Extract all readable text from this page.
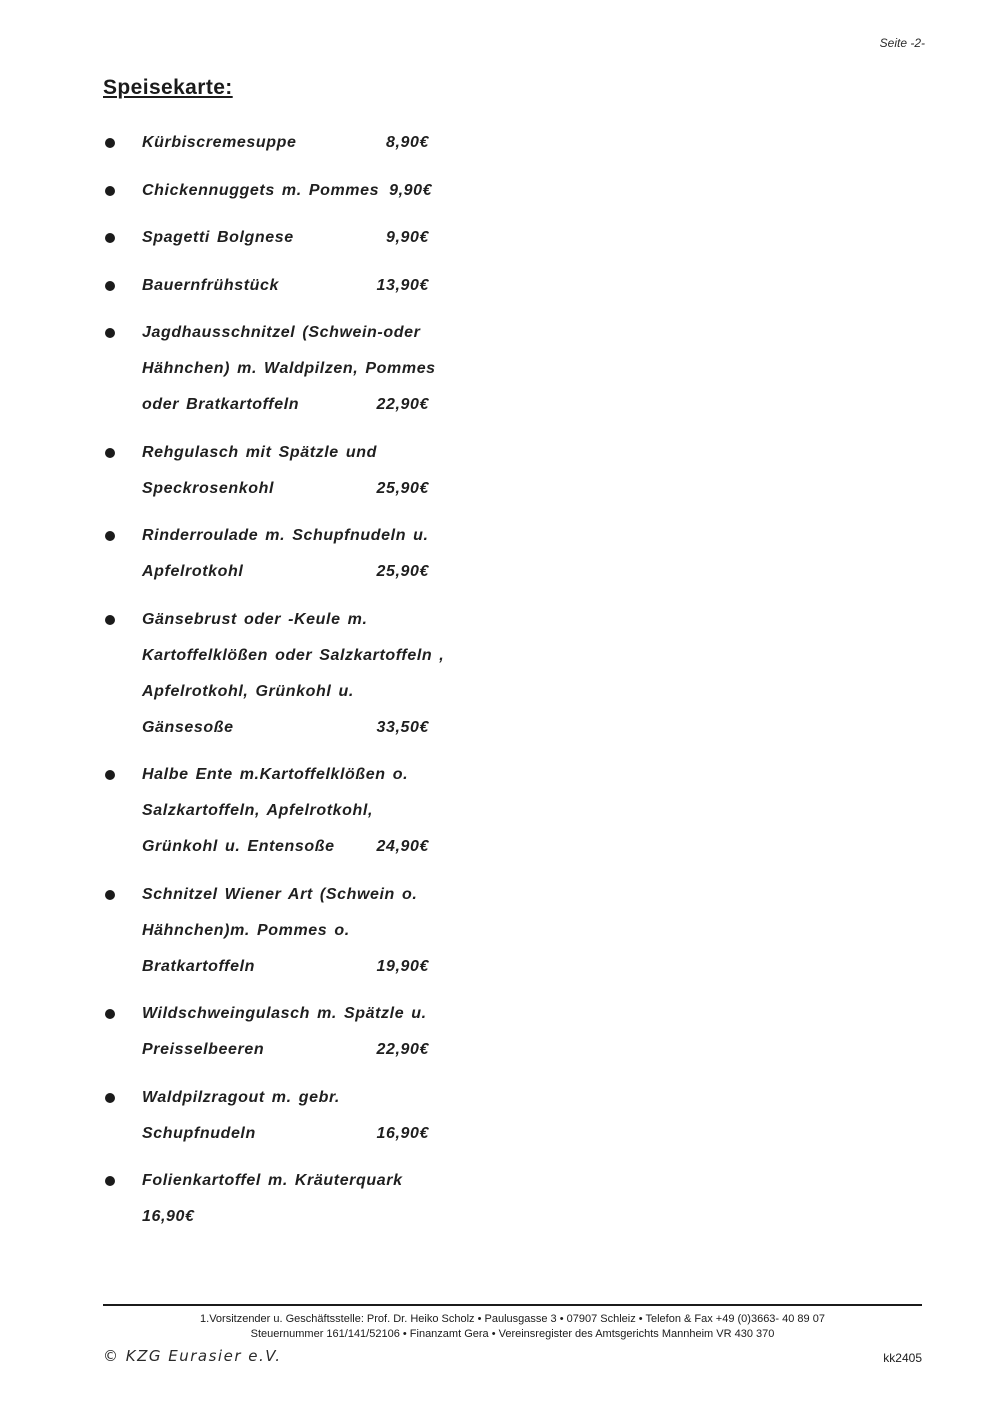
Seite -2-
Speisekarte:
Kürbiscremesuppe	8,90€
Chickennuggets m. Pommes 9,90€
Spagetti Bolgnese	9,90€
Bauernfrühstück	13,90€
Jagdhausschnitzel (Schwein-oder
Hähnchen) m. Waldpilzen, Pommes
oder Bratkartoffeln	22,90€
Rehgulasch mit Spätzle und
Speckrosenkohl	25,90€
Rinderroulade m. Schupfnudeln u.
Apfelrotkohl	25,90€
Gänsebrust oder -Keule m.
Kartoffelklößen oder Salzkartoffeln ,
Apfelrotkohl, Grünkohl u.
Gänsesoße	33,50€
Halbe Ente m.Kartoffelklößen o.
Salzkartoffeln, Apfelrotkohl,
Grünkohl u. Entensoße	24,90€
Schnitzel Wiener Art (Schwein o.
Hähnchen)m. Pommes o.
Bratkartoffeln	19,90€
Wildschweingulasch m. Spätzle u.
Preisselbeeren	22,90€
Waldpilzragout m. gebr.
Schupfnudeln	16,90€
Folienkartoffel m. Kräuterquark
16,90€
1.Vorsitzender u. Geschäftsstelle: Prof. Dr. Heiko Scholz • Paulusgasse 3 • 07907 Schleiz • Telefon & Fax +49 (0)3663- 40 89 07
Steuernummer 161/141/52106 • Finanzamt Gera • Vereinsregister des Amtsgerichts Mannheim VR 430 370
© KZG Eurasier e.V.	kk2405
